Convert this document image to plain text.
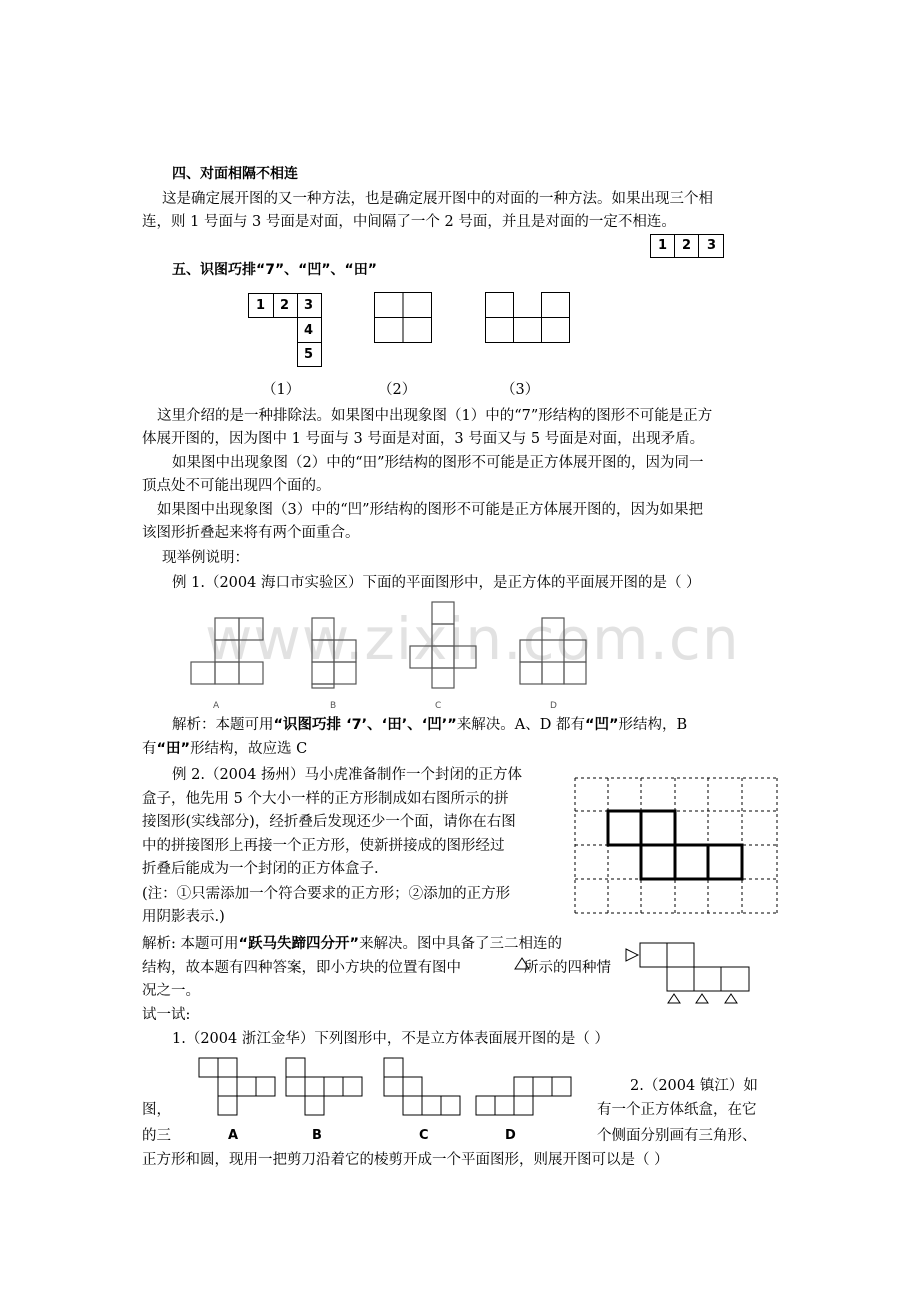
www.zixin.com.cn
四、对面相隔不相连
这是确定展开图的又一种方法，也是确定展开图中的对面的一种方法。如果出现三个相
连，则 1 号面与 3 号面是对面，中间隔了一个 2 号面，并且是对面的一定不相连。
1 2 3
五、识图巧排“7”、“凹”、“田”
1 2 3
4
5
（1）	（2）	（3）
这里介绍的是一种排除法。如果图中出现象图（1）中的“7”形结构的图形不可能是正方
体展开图的，因为图中 1 号面与 3 号面是对面，3 号面又与 5 号面是对面，出现矛盾。
如果图中出现象图（2）中的“田”形结构的图形不可能是正方体展开图的，因为同一
顶点处不可能出现四个面的。
如果图中出现象图（3）中的“凹”形结构的图形不可能是正方体展开图的，因为如果把
该图形折叠起来将有两个面重合。
现举例说明：
例 1.（2004 海口市实验区）下面的平面图形中，是正方体的平面展开图的是（ ）
A	B	C	D
解析：本题可用“识图巧排 ‘7’、‘田’、‘凹’”来解决。A、D 都有“凹”形结构，B
有“田”形结构，故应选 C
例 2.（2004 扬州）马小虎准备制作一个封闭的正方体
盒子，他先用 5 个大小一样的正方形制成如右图所示的拼
接图形(实线部分)，经折叠后发现还少一个面，请你在右图
中的拼接图形上再接一个正方形，使新拼接成的图形经过
折叠后能成为一个封闭的正方体盒子.
(注：①只需添加一个符合要求的正方形；②添加的正方形
用阴影表示.)
解析: 本题可用“跃马失蹄四分开”来解决。图中具备了三二相连的
结构，故本题有四种答案，即小方块的位置有图中	所示的四种情
况之一。
试一试:
1.（2004 浙江金华）下列图形中，不是立方体表面展开图的是（ ）
图，
的三	A	B	C	D
2.（2004 镇江）如
有一个正方体纸盒，在它
个侧面分别画有三角形、
正方形和圆，现用一把剪刀沿着它的棱剪开成一个平面图形，则展开图可以是（ ）
